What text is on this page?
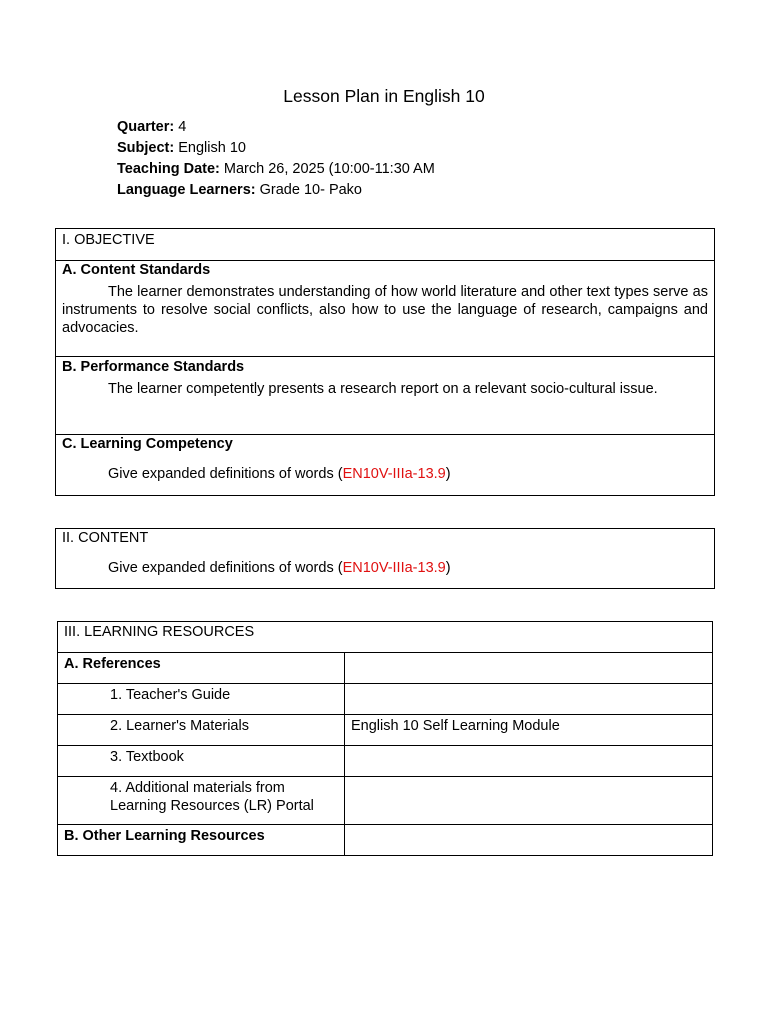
Lesson Plan in English 10
Quarter: 4
Subject: English 10
Teaching Date: March 26, 2025 (10:00-11:30 AM
Language Learners: Grade 10- Pako
I. OBJECTIVE
A. Content Standards
The learner demonstrates understanding of how world literature and other text types serve as instruments to resolve social conflicts, also how to use the language of research, campaigns and advocacies.
B. Performance Standards
The learner competently presents a research report on a relevant socio-cultural issue.
C. Learning Competency
Give expanded definitions of words (EN10V-IIIa-13.9)
II. CONTENT
Give expanded definitions of words (EN10V-IIIa-13.9)
III. LEARNING RESOURCES	
A. References	
1. Teacher's Guide	
2. Learner's Materials	English 10 Self Learning Module
3. Textbook	
4. Additional materials from Learning Resources (LR) Portal	
B. Other Learning Resources	
